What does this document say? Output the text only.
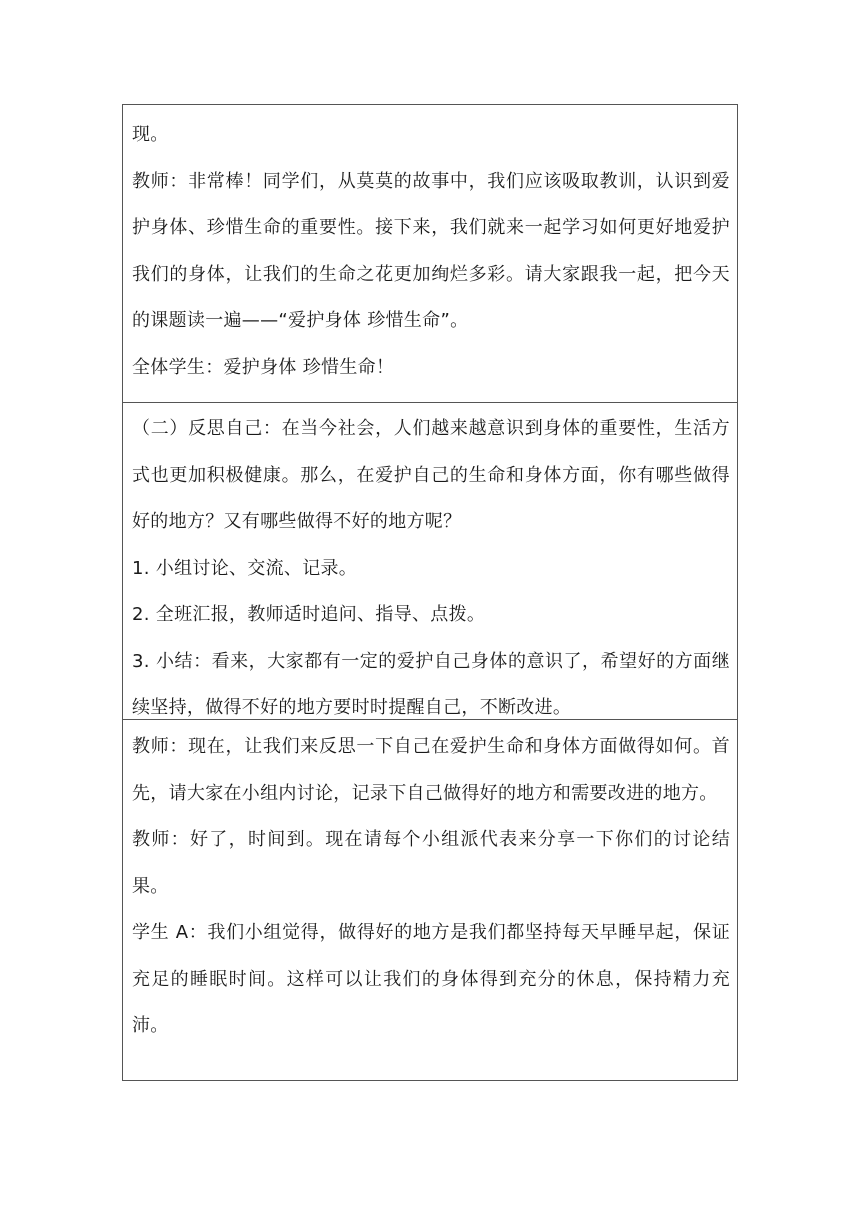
现。

教师：非常棒！同学们，从莫莫的故事中，我们应该吸取教训，认识到爱护身体、珍惜生命的重要性。接下来，我们就来一起学习如何更好地爱护我们的身体，让我们的生命之花更加绚烂多彩。请大家跟我一起，把今天的课题读一遍——“爱护身体 珍惜生命”。

全体学生：爱护身体 珍惜生命！

（二）反思自己：在当今社会，人们越来越意识到身体的重要性，生活方式也更加积极健康。那么，在爱护自己的生命和身体方面，你有哪些做得好的地方？又有哪些做得不好的地方呢？

1. 小组讨论、交流、记录。

2. 全班汇报，教师适时追问、指导、点拨。

3. 小结：看来，大家都有一定的爱护自己身体的意识了，希望好的方面继续坚持，做得不好的地方要时时提醒自己，不断改进。

教师：现在，让我们来反思一下自己在爱护生命和身体方面做得如何。首先，请大家在小组内讨论，记录下自己做得好的地方和需要改进的地方。

教师：好了，时间到。现在请每个小组派代表来分享一下你们的讨论结果。

学生 A：我们小组觉得，做得好的地方是我们都坚持每天早睡早起，保证充足的睡眠时间。这样可以让我们的身体得到充分的休息，保持精力充沛。
